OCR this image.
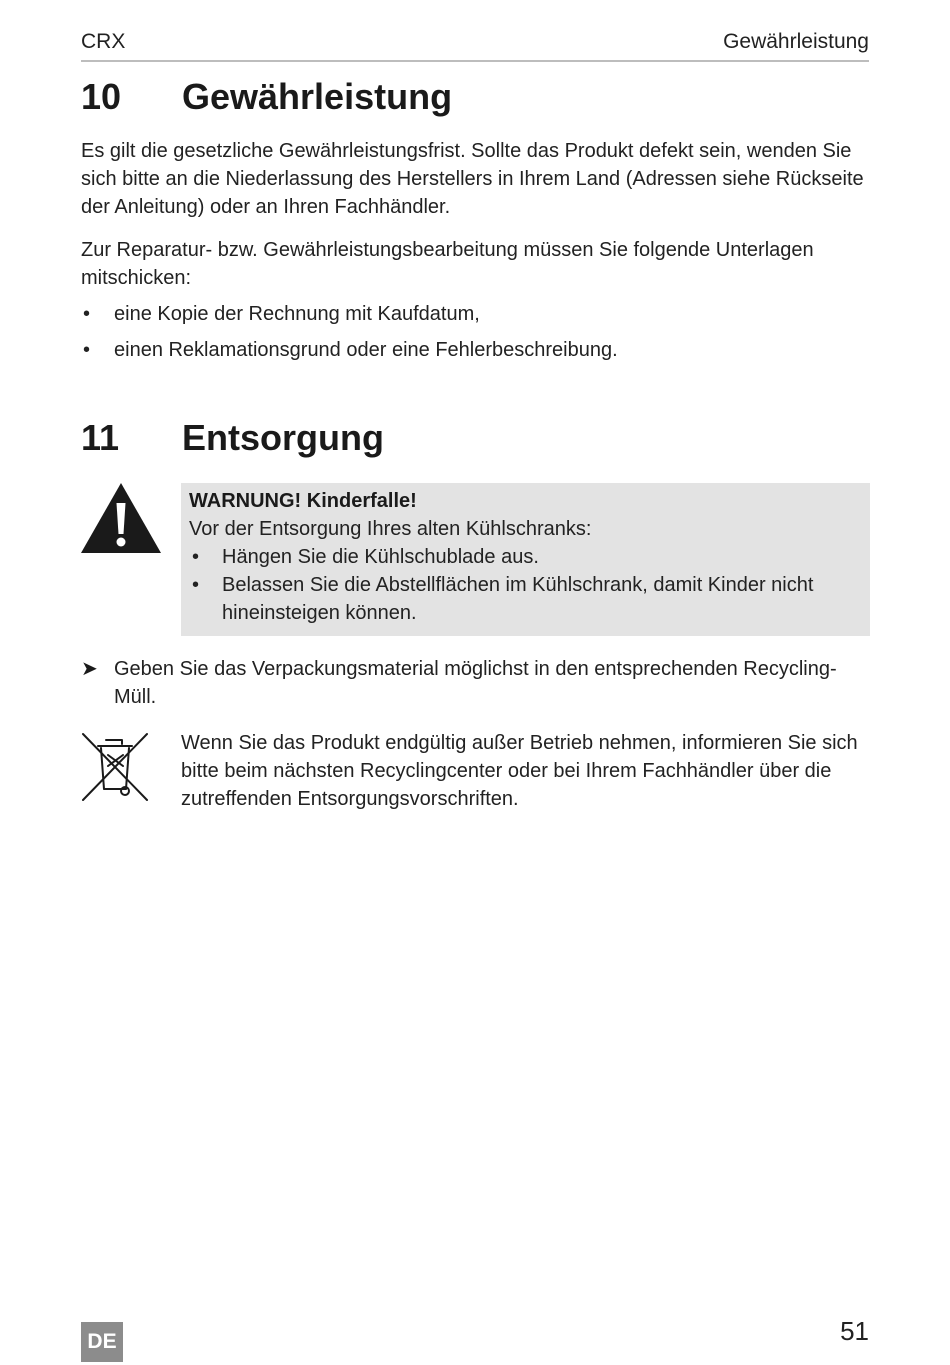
CRX	Gewährleistung
10 Gewährleistung

Es gilt die gesetzliche Gewährleistungsfrist. Sollte das Produkt defekt sein, wenden Sie sich bitte an die Niederlassung des Herstellers in Ihrem Land (Adressen siehe Rückseite der Anleitung) oder an Ihren Fachhändler.

Zur Reparatur- bzw. Gewährleistungsbearbeitung müssen Sie folgende Unterlagen mitschicken:

• eine Kopie der Rechnung mit Kaufdatum,
• einen Reklamationsgrund oder eine Fehlerbeschreibung.
11 Entsorgung
WARNUNG! Kinderfalle!
Vor der Entsorgung Ihres alten Kühlschranks:
• Hängen Sie die Kühlschublade aus.
• Belassen Sie die Abstellflächen im Kühlschrank, damit Kinder nicht hineinsteigen können.
➤ Geben Sie das Verpackungsmaterial möglichst in den entsprechenden Recycling-Müll.

Wenn Sie das Produkt endgültig außer Betrieb nehmen, informieren Sie sich bitte beim nächsten Recyclingcenter oder bei Ihrem Fachhändler über die zutreffenden Entsorgungsvorschriften.

DE	51
